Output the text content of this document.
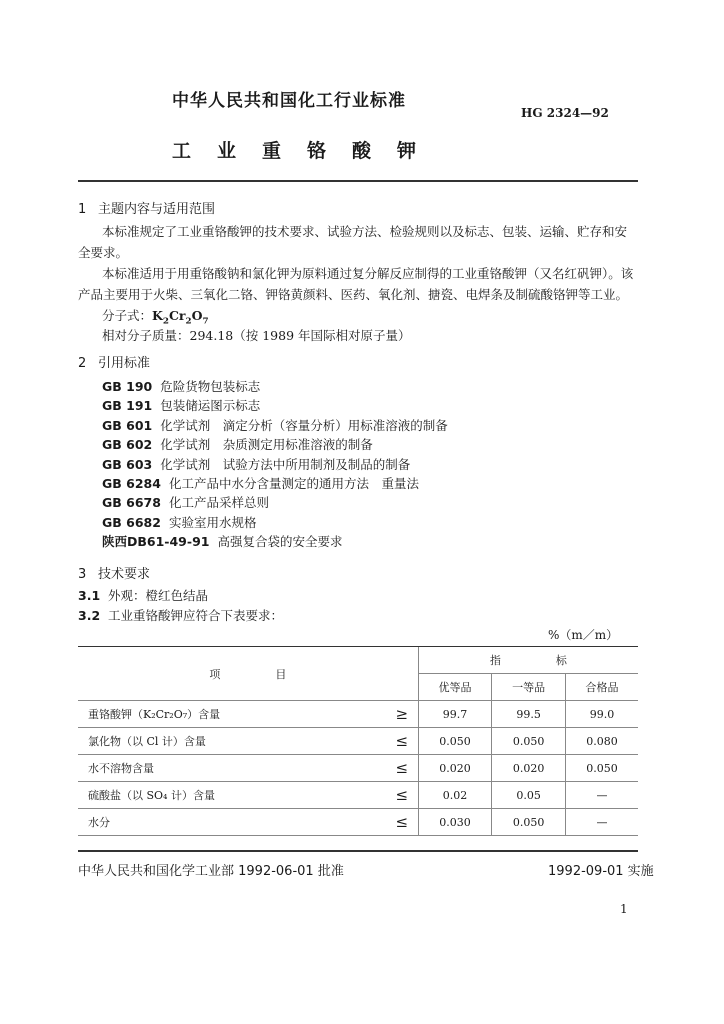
中华人民共和国化工行业标准
HG 2324—92
工业重铬酸钾
1 主题内容与适用范围
本标准规定了工业重铬酸钾的技术要求、试验方法、检验规则以及标志、包装、运输、贮存和安
全要求。
本标准适用于用重铬酸钠和氯化钾为原料通过复分解反应制得的工业重铬酸钾（又名红矾钾）。该
产品主要用于火柴、三氧化二铬、钾铬黄颜料、医药、氧化剂、搪瓷、电焊条及制硫酸铬钾等工业。
分子式：$K_2Cr_2O_7$
相对分子质量：294.18（按 1989 年国际相对原子量）
2 引用标准
GB 190 危险货物包装标志
GB 191 包装储运图示标志
GB 601 化学试剂　滴定分析（容量分析）用标准溶液的制备
GB 602 化学试剂　杂质测定用标准溶液的制备
GB 603 化学试剂　试验方法中所用制剂及制品的制备
GB 6284 化工产品中水分含量测定的通用方法　重量法
GB 6678 化工产品采样总则
GB 6682 实验室用水规格
陕西DB61-49-91 高强复合袋的安全要求
3 技术要求
3.1 外观：橙红色结晶
3.2 工业重铬酸钾应符合下表要求：
%（m／m）
项　　　　　目		指　　　　　标		
		优等品	一等品	合格品
重铬酸钾（K₂Cr₂O₇）含量	≥	99.7	99.5	99.0
氯化物（以 Cl 计）含量	≤	0.050	0.050	0.080
水不溶物含量	≤	0.020	0.020	0.050
硫酸盐（以 SO₄ 计）含量	≤	0.02	0.05	—
水分	≤	0.030	0.050	—
中华人民共和国化学工业部 1992-06-01 批准	1992-09-01 实施
1
